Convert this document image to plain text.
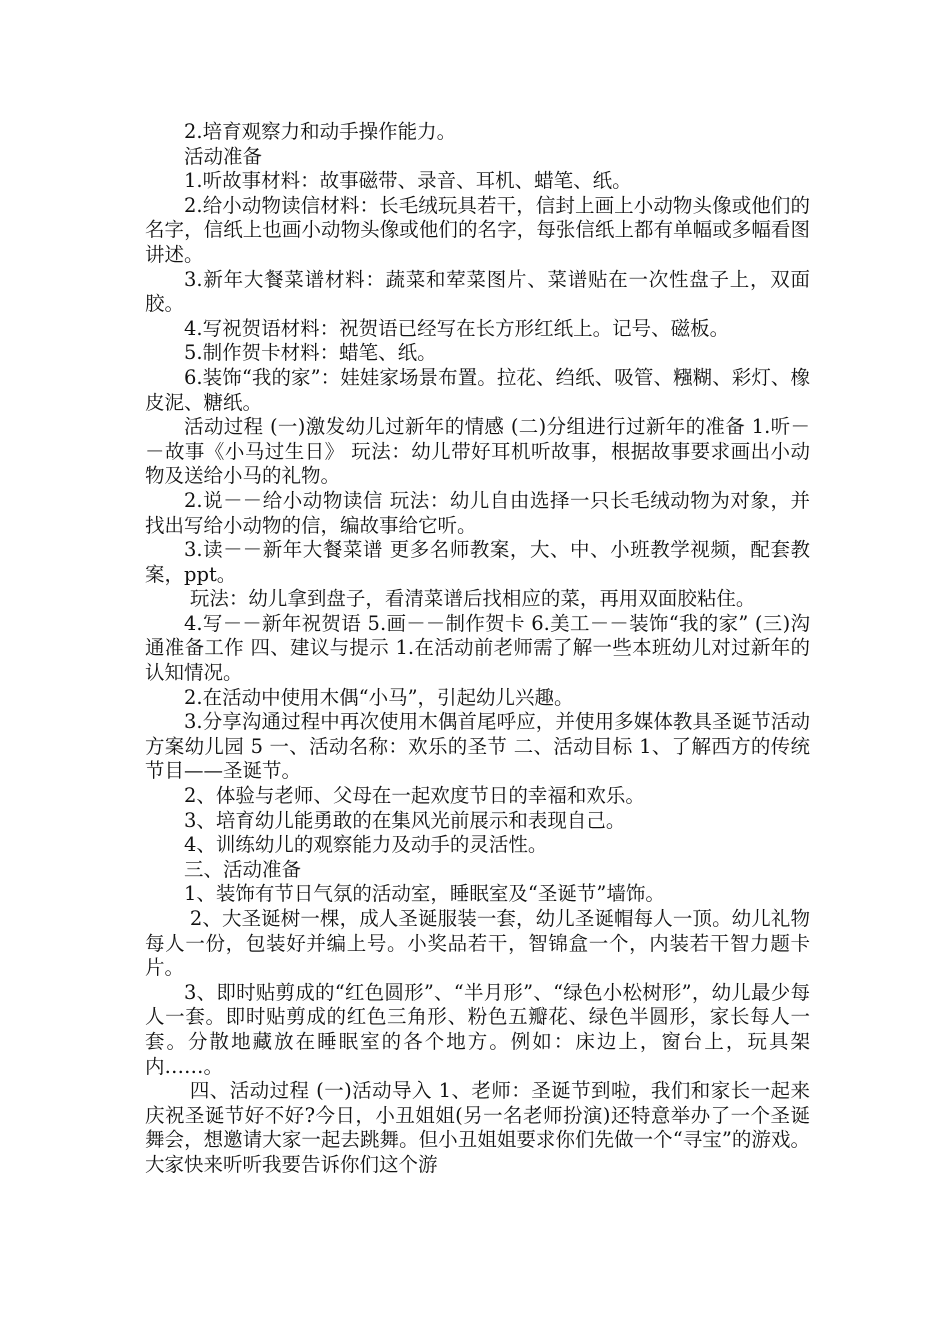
2.培育观察力和动手操作能力。

活动准备

1.听故事材料：故事磁带、录音、耳机、蜡笔、纸。

2.给小动物读信材料：长毛绒玩具若干，信封上画上小动物头像或他们的名字，信纸上也画小动物头像或他们的名字，每张信纸上都有单幅或多幅看图讲述。

3.新年大餐菜谱材料：蔬菜和荤菜图片、菜谱贴在一次性盘子上，双面胶。

4.写祝贺语材料：祝贺语已经写在长方形红纸上。记号、磁板。

5.制作贺卡材料：蜡笔、纸。

6.装饰“我的家”：娃娃家场景布置。拉花、绉纸、吸管、糨糊、彩灯、橡皮泥、糖纸。

活动过程 (一)激发幼儿过新年的情感 (二)分组进行过新年的准备 1.听－－故事《小马过生日》 玩法：幼儿带好耳机听故事，根据故事要求画出小动物及送给小马的礼物。

2.说－－给小动物读信 玩法：幼儿自由选择一只长毛绒动物为对象，并找出写给小动物的信，编故事给它听。

3.读－－新年大餐菜谱 更多名师教案，大、中、小班教学视频，配套教案，ppt。

玩法：幼儿拿到盘子，看清菜谱后找相应的菜，再用双面胶粘住。

4.写－－新年祝贺语 5.画－－制作贺卡 6.美工－－装饰“我的家” (三)沟通准备工作 四、建议与提示 1.在活动前老师需了解一些本班幼儿对过新年的认知情况。

2.在活动中使用木偶“小马”，引起幼儿兴趣。

3.分享沟通过程中再次使用木偶首尾呼应，并使用多媒体教具圣诞节活动方案幼儿园 5 一、活动名称：欢乐的圣节 二、活动目标 1、了解西方的传统节目——圣诞节。

2、体验与老师、父母在一起欢度节日的幸福和欢乐。

3、培育幼儿能勇敢的在集风光前展示和表现自己。

4、训练幼儿的观察能力及动手的灵活性。

三、活动准备

1、装饰有节日气氛的活动室，睡眠室及“圣诞节”墙饰。

2、大圣诞树一棵，成人圣诞服装一套，幼儿圣诞帽每人一顶。幼儿礼物每人一份，包装好并编上号。小奖品若干，智锦盒一个，内装若干智力题卡片。

3、即时贴剪成的“红色圆形”、“半月形”、“绿色小松树形”，幼儿最少每人一套。即时贴剪成的红色三角形、粉色五瓣花、绿色半圆形，家长每人一套。分散地藏放在睡眠室的各个地方。例如：床边上，窗台上，玩具架内……。

四、活动过程 (一)活动导入 1、老师：圣诞节到啦，我们和家长一起来庆祝圣诞节好不好?今日，小丑姐姐(另一名老师扮演)还特意举办了一个圣诞舞会，想邀请大家一起去跳舞。但小丑姐姐要求你们先做一个“寻宝”的游戏。大家快来听听我要告诉你们这个游
